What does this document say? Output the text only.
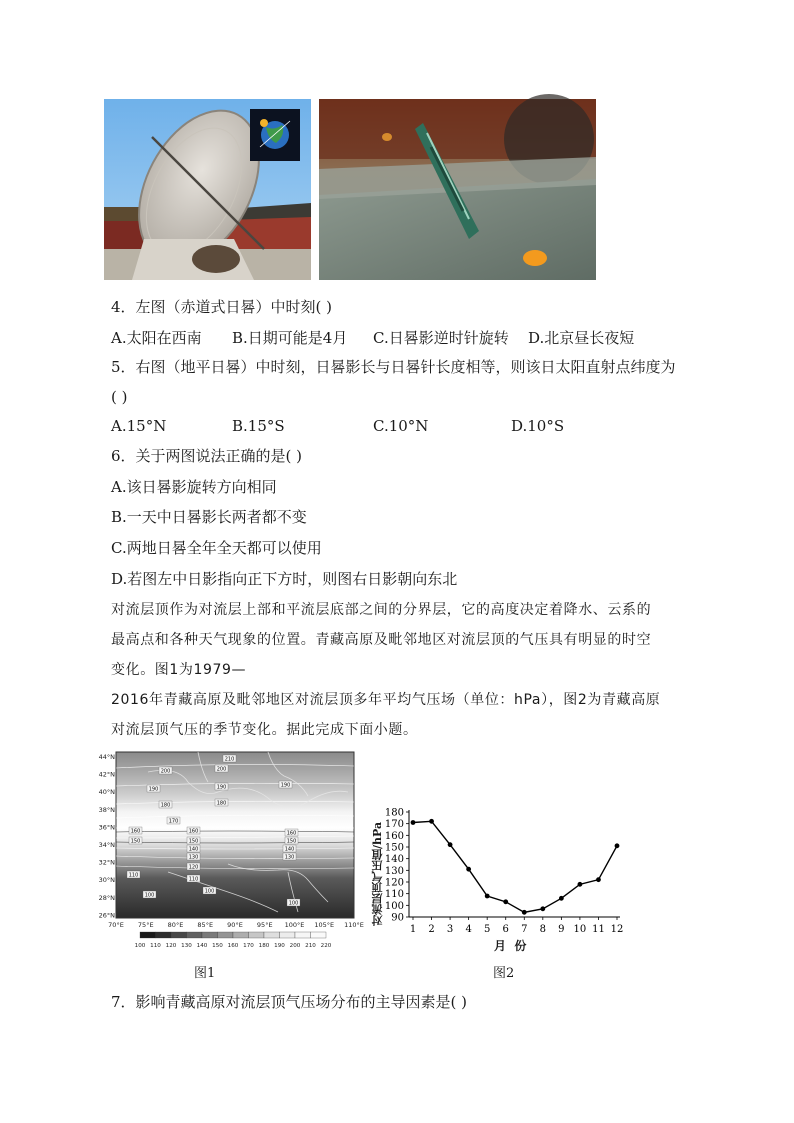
4．左图（赤道式日晷）中时刻( )
A.太阳在西南 B.日期可能是4月 C.日晷影逆时针旋转 D.北京昼长夜短
5．右图（地平日晷）中时刻，日晷影长与日晷针长度相等，则该日太阳直射点纬度为
( )
A.15°N	B.15°S	C.10°N	D.10°S
6．关于两图说法正确的是( )
A.该日晷影旋转方向相同
B.一天中日晷影长两者都不变
C.两地日晷全年全天都可以使用
D.若图左中日影指向正下方时，则图右日影朝向东北
对流层顶作为对流层上部和平流层底部之间的分界层，它的高度决定着降水、云系的
最高点和各种天气现象的位置。青藏高原及毗邻地区对流层顶的气压具有明显的时空
变化。图1为1979—
2016年青藏高原及毗邻地区对流层顶多年平均气压场（单位：hPa），图2为青藏高原
对流层顶气压的季节变化。据此完成下面小题。
210
200	200
190	190	190
180	180
170
160	160	160
150	150	150
140	140
130	130
120
110
110
100
100
100
44°N
42°N
40°N
38°N
36°N
34°N
32°N
30°N
28°N
26°N
70°E 75°E 80°E 85°E 90°E 95°E 100°E 105°E 110°E
100 110 120 130 140 150 160 170 180 190 200 210 220
图1
90
100
110
120
130
140
150
160
170
180
1 2 3 4 5 6 7 8 9 10 11 12
对流层顶气压值/hPa
月  份
图2
7．影响青藏高原对流层顶气压场分布的主导因素是( )
